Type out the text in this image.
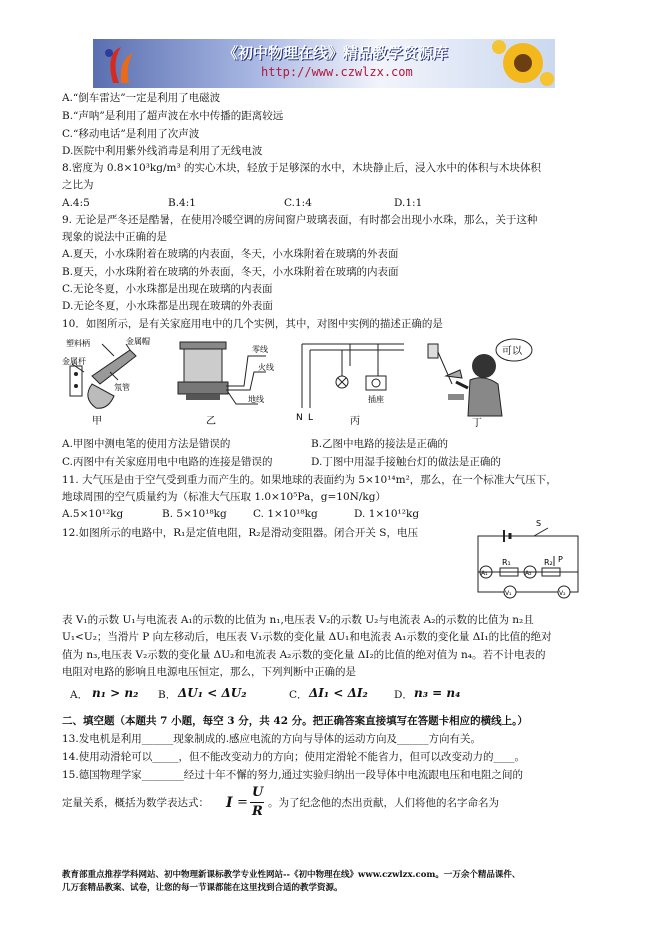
《初中物理在线》精品教学资源库
http://www.czwlzx.com
A.“倒车雷达”一定是利用了电磁波
B.“声呐”是利用了超声波在水中传播的距离较远
C.“移动电话”是利用了次声波
D.医院中利用紫外线消毒是利用了无线电波
8.密度为 0.8×10³kg/m³ 的实心木块，轻放于足够深的水中，木块静止后，浸入水中的体积与木块体积
之比为
A.4:5	B.4:1	C.1:4	D.1:1
9. 无论是严冬还是酷暑，在使用冷暖空调的房间窗户玻璃表面，有时都会出现小水珠，那么，关于这种
现象的说法中正确的是
A.夏天，小水珠附着在玻璃的内表面，冬天，小水珠附着在玻璃的外表面
B.夏天，小水珠附着在玻璃的外表面，冬天，小水珠附着在玻璃的内表面
C.无论冬夏，小水珠都是出现在玻璃的内表面
D.无论冬夏，小水珠都是出现在玻璃的外表面
10．如图所示，是有关家庭用电中的几个实例，其中，对图中实例的描述正确的是
塑料柄	金属帽
金属杆
氖管
甲
零线
火线
地线
乙	N L
插座
丙
可以
丁
A.甲图中测电笔的使用方法是错误的	B.乙图中电路的接法是正确的
C.丙图中有关家庭用电中电路的连接是错误的	D.丁图中用湿手接触台灯的做法是正确的
11. 大气压是由于空气受到重力而产生的。如果地球的表面约为 5×10¹⁴m²，那么，在一个标准大气压下，
地球周围的空气质量约为（标准大气压取 1.0×10⁵Pa，g=10N/kg）
A.5×10¹²kg	B. 5×10¹⁸kg	C. 1×10¹⁸kg	D. 1×10¹²kg
12.如图所示的电路中，R₁是定值电阻，R₂是滑动变阻器。闭合开关 S，电压
S
R₁	R₂ P
A₁	A₂
V₁	V₂
表 V₁的示数 U₁与电流表 A₁的示数的比值为 n₁,电压表 V₂的示数 U₂与电流表 A₂的示数的比值为 n₂且
U₁<U₂；当滑片 P 向左移动后，电压表 V₁示数的变化量 ΔU₁和电流表 A₁示数的变化量 ΔI₁的比值的绝对
值为 n₃,电压表 V₂示数的变化量 ΔU₂和电流表 A₂示数的变化量 ΔI₂的比值的绝对值为 n₄。若不计电表的
电阻对电路的影响且电源电压恒定，那么，下列判断中正确的是
A． n₁ > n₂ B． ΔU₁ < ΔU₂	C． ΔI₁ < ΔI₂ D． n₃ = n₄
二、填空题（本题共 7 小题，每空 3 分，共 42 分。把正确答案直接填写在答题卡相应的横线上。）
13.发电机是利用______现象制成的.感应电流的方向与导体的运动方向及______方向有关。
14.使用动滑轮可以_____，但不能改变动力的方向；使用定滑轮不能省力，但可以改变动力的____。
15.德国物理学家________经过十年不懈的努力,通过实验归纳出一段导体中电流跟电压和电阻之间的
定量关系，概括为数学表达式： I =
U
R
。为了纪念他的杰出贡献，人们将他的名字命名为
教育部重点推荐学科网站、初中物理新课标教学专业性网站--《初中物理在线》www.czwlzx.com。一万余个精品课件、
几万套精品教案、试卷，让您的每一节课都能在这里找到合适的教学资源。
